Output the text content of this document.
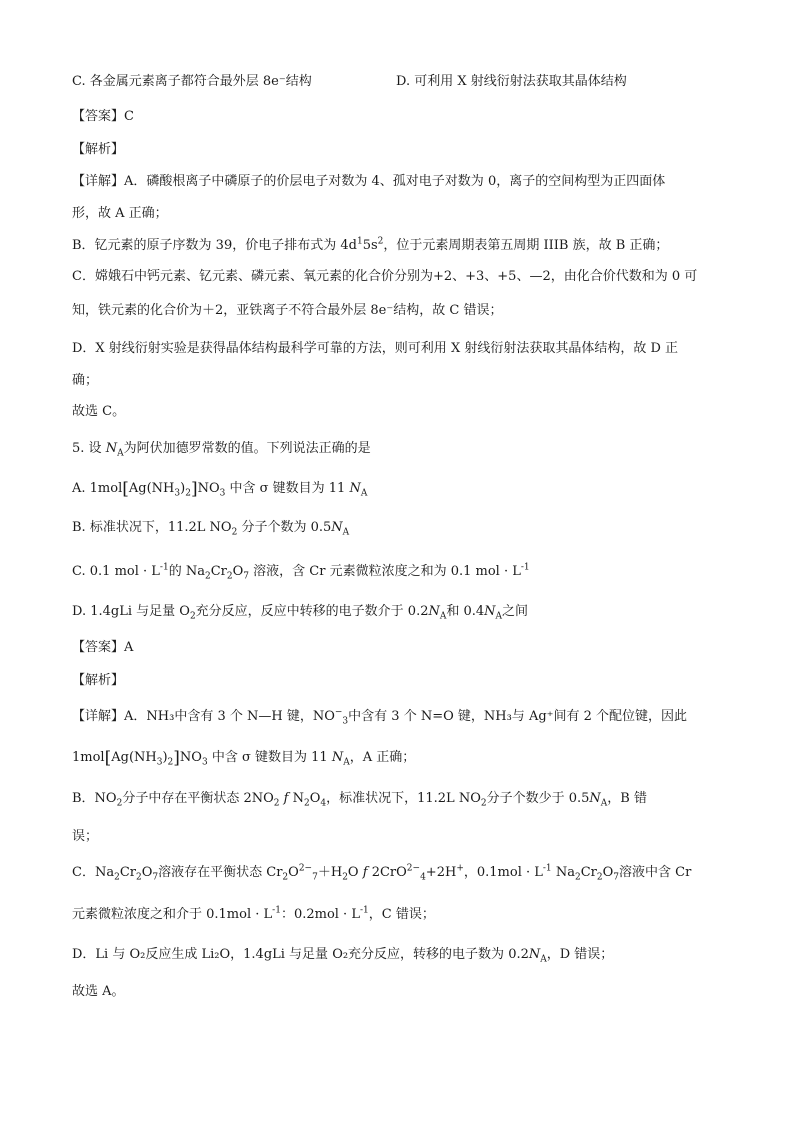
C. 各金属元素离子都符合最外层 8e⁻结构	D. 可利用 X 射线衍射法获取其晶体结构
【答案】C
【解析】
【详解】A．磷酸根离子中磷原子的价层电子对数为 4、孤对电子对数为 0，离子的空间构型为正四面体
形，故 A 正确；
B．钇元素的原子序数为 39，价电子排布式为 $4d^15s^2$，位于元素周期表第五周期 IIIB 族，故 B 正确；
C．嫦娥石中钙元素、钇元素、磷元素、氧元素的化合价分别为+2、+3、+5、—2，由化合价代数和为 0 可
知，铁元素的化合价为＋2，亚铁离子不符合最外层 8e⁻结构，故 C 错误；
D．X 射线衍射实验是获得晶体结构最科学可靠的方法，则可利用 X 射线衍射法获取其晶体结构，故 D 正
确；
故选 C。
5. 设 $N_A$为阿伏加德罗常数的值。下列说法正确的是
A. $1mol[Ag(NH_3)_2]NO_3$ 中含 σ 键数目为 11 $N_A$
B. 标准状况下，11.2L $NO_2$ 分子个数为 $0.5N_A$
C. 0.1 mol · $L^{-1}$的 $Na_2Cr_2O_7$ 溶液，含 Cr 元素微粒浓度之和为 0.1 mol · $L^{-1}$
D. 1.4gLi 与足量 $O_2$充分反应，反应中转移的电子数介于 $0.2N_A$和 $0.4N_A$之间
【答案】A
【解析】
【详解】A．NH₃中含有 3 个 N—H 键，$NO^-_3$中含有 3 个 N=O 键，NH₃与 Ag⁺间有 2 个配位键，因此
$1mol[Ag(NH_3)_2]NO_3$ 中含 σ 键数目为 11 $N_A$，A 正确；
B．$NO_2$分子中存在平衡状态 $2NO_2$ f $N_2O_4$，标准状况下，11.2L $NO_2$分子个数少于 $0.5N_A$，B 错
误；
C．$Na_2Cr_2O_7$溶液存在平衡状态 $Cr_2O^{2-}_7+H_2O$ f 2CrO$^{2-}_4$+2H+，$0.1mol \cdot L^{-1}$ $Na_2Cr_2O_7$溶液中含 Cr
元素微粒浓度之和介于 $0.1mol \cdot L^{-1}$：$0.2mol \cdot L^{-1}$，C 错误；
D．Li 与 O₂反应生成 Li₂O，1.4gLi 与足量 O₂充分反应，转移的电子数为 $0.2N_A$，D 错误；
故选 A。
